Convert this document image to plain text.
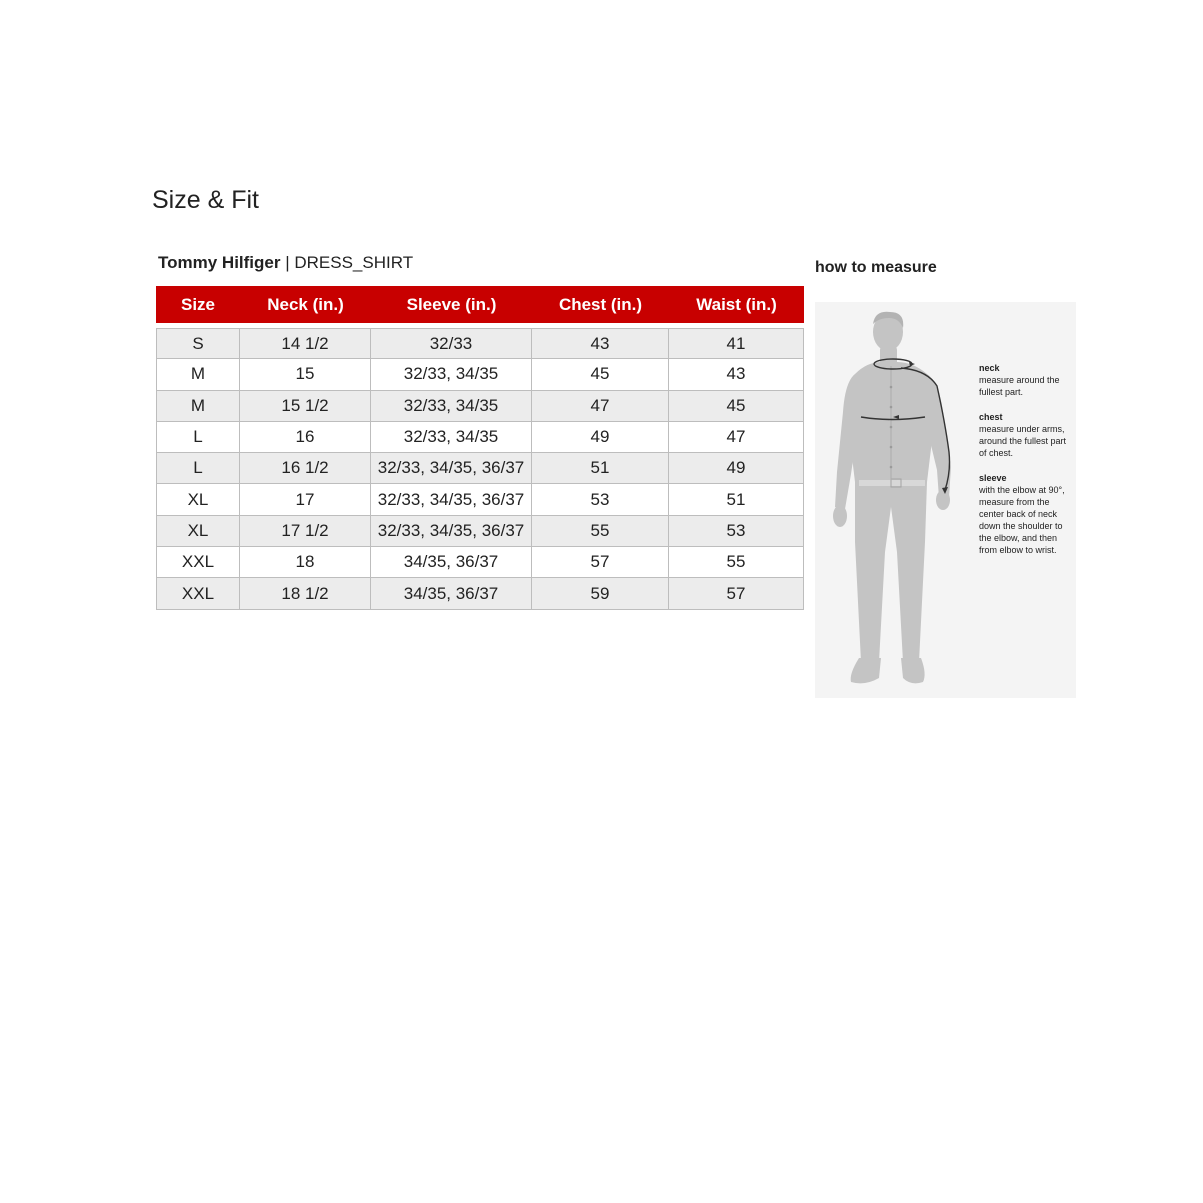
Size & Fit
Tommy Hilfiger | DRESS_SHIRT
Size	Neck (in.)	Sleeve (in.)	Chest (in.)	Waist (in.)
S	14 1/2	32/33	43	41
M	15	32/33, 34/35	45	43
M	15 1/2	32/33, 34/35	47	45
L	16	32/33, 34/35	49	47
L	16 1/2	32/33, 34/35, 36/37	51	49
XL	17	32/33, 34/35, 36/37	53	51
XL	17 1/2	32/33, 34/35, 36/37	55	53
XXL	18	34/35, 36/37	57	55
XXL	18 1/2	34/35, 36/37	59	57
how to measure
neck
measure around the fullest part.
chest
measure under arms, around the fullest part of chest.
sleeve
with the elbow at 90°, measure from the center back of neck down the shoulder to the elbow, and then from elbow to wrist.
